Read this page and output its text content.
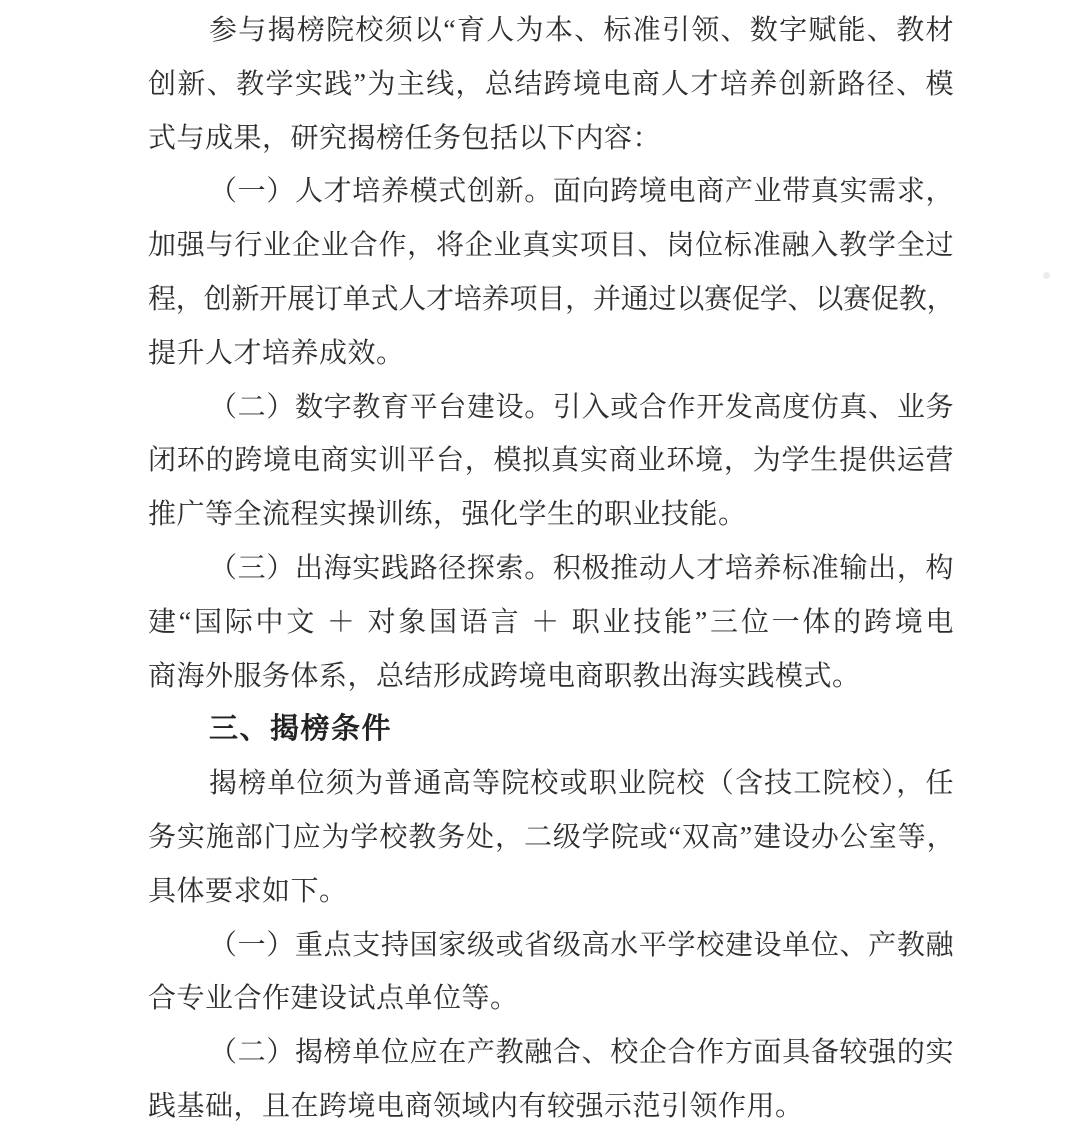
参与揭榜院校须以“育人为本、标准引领、数字赋能、教材
创新、教学实践”为主线，总结跨境电商人才培养创新路径、模
式与成果，研究揭榜任务包括以下内容：
（一）人才培养模式创新。面向跨境电商产业带真实需求，
加强与行业企业合作，将企业真实项目、岗位标准融入教学全过
程，创新开展订单式人才培养项目，并通过以赛促学、以赛促教，
提升人才培养成效。
（二）数字教育平台建设。引入或合作开发高度仿真、业务
闭环的跨境电商实训平台，模拟真实商业环境，为学生提供运营
推广等全流程实操训练，强化学生的职业技能。
（三）出海实践路径探索。积极推动人才培养标准输出，构
建“国际中文 ＋ 对象国语言 ＋ 职业技能”三位一体的跨境电
商海外服务体系，总结形成跨境电商职教出海实践模式。
三、揭榜条件
揭榜单位须为普通高等院校或职业院校（含技工院校），任
务实施部门应为学校教务处，二级学院或“双高”建设办公室等，
具体要求如下。
（一）重点支持国家级或省级高水平学校建设单位、产教融
合专业合作建设试点单位等。
（二）揭榜单位应在产教融合、校企合作方面具备较强的实
践基础，且在跨境电商领域内有较强示范引领作用。
